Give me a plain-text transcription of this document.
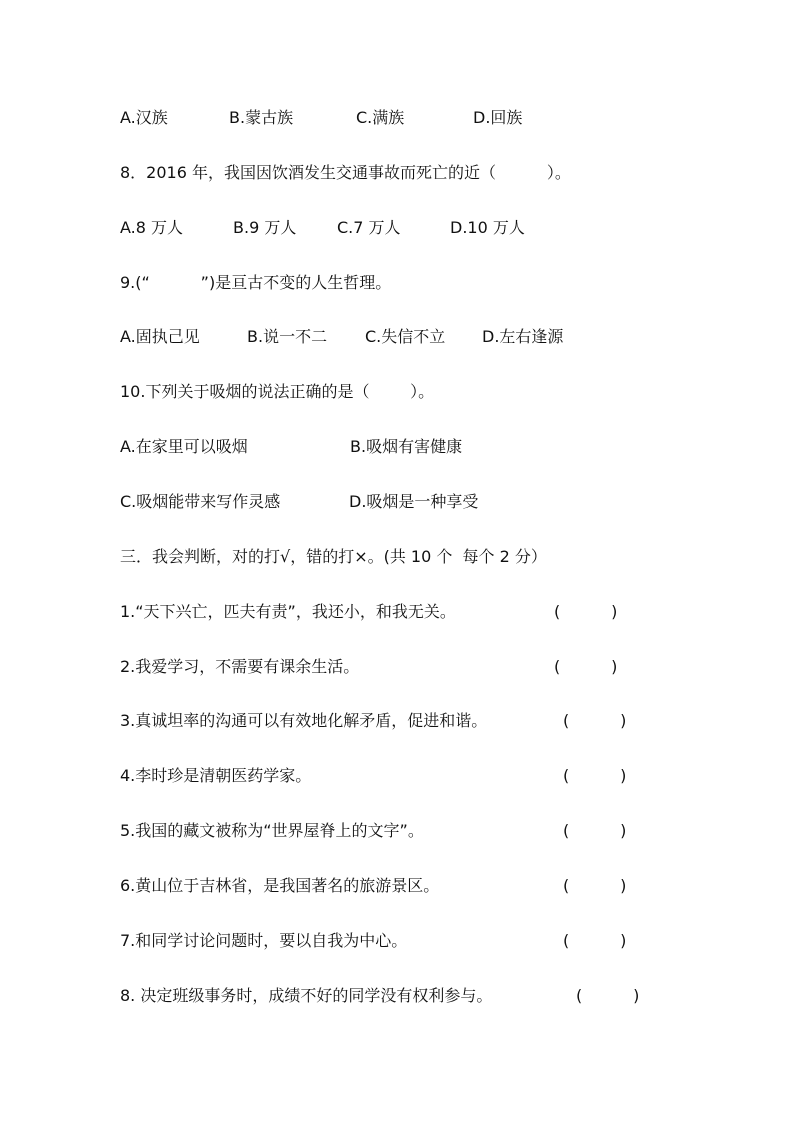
A.汉族	B.蒙古族	C.满族	D.回族
8．2016 年，我国因饮酒发生交通事故而死亡的近（          ）。
A.8 万人	B.9 万人	C.7 万人	D.10 万人
9.(“          ”)是亘古不变的人生哲理。
A.固执己见	B.说一不二 C.失信不立 D.左右逢源
10.下列关于吸烟的说法正确的是（        ）。
A.在家里可以吸烟	B.吸烟有害健康
C.吸烟能带来写作灵感	D.吸烟是一种享受
三．我会判断，对的打√，错的打×。(共 10 个  每个 2 分）
1.“天下兴亡，匹夫有责”，我还小，和我无关。	(          )
2.我爱学习，不需要有课余生活。	(          )
3.真诚坦率的沟通可以有效地化解矛盾，促进和谐。	(          )
4.李时珍是清朝医药学家。	(          )
5.我国的藏文被称为“世界屋脊上的文字”。	(          )
6.黄山位于吉林省，是我国著名的旅游景区。	(          )
7.和同学讨论问题时，要以自我为中心。	(          )
8. 决定班级事务时，成绩不好的同学没有权利参与。	(          )
